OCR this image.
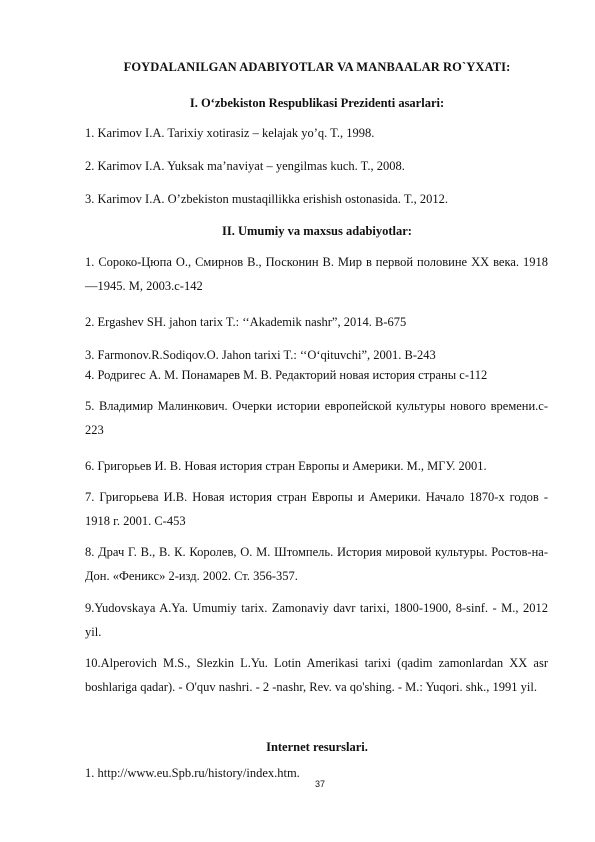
FOYDALANILGAN ADABIYOTLAR VA MANBAALAR RO`YXATI:
I. O‘zbekiston Respublikasi Prezidenti asarlari:
1. Karimov I.A. Tarixiy xotirasiz – kelajak yo’q. T., 1998.
2. Karimov I.A. Yuksak ma’naviyat – yengilmas kuch. T., 2008.
3. Karimov I.A. O’zbekiston mustaqillikka erishish ostonasida. T., 2012.
II. Umumiy va maxsus adabiyotlar:
1. Сороко-Цюпа О., Смирнов В., Посконин В. Мир в первой половине XX века. 1918—1945. М, 2003.c-142
2. Ergashev SH. jahon tarix T.: ‘‘Akademik nashr”, 2014. B-675
3. Farmonov.R.Sodiqov.O. Jahon tarixi T.: ‘‘O‘qituvchi”, 2001. B-243
4. Родригес А. М. Понамарев М. В. Редакторий новая история страны с-112
5. Владимир Малинкович. Очерки истории европейской культуры нового времени.c-223
6. Григорьев И. В. Новая история стран Европы и Америки. М., МГУ. 2001.
7. Григорьева И.В. Новая история стран Европы и Америки. Начало 1870-х годов - 1918 г. 2001. С-453
8. Драч Г. В., В. К. Королев, О. М. Штомпель. История мировой культуры. Ростов-на-Дон. «Феникс» 2-изд. 2002. Ст. 356-357.
9.Yudovskaya A.Ya. Umumiy tarix. Zamonaviy davr tarixi, 1800-1900, 8-sinf. - M., 2012 yil.
10.Alperovich M.S., Slezkin L.Yu. Lotin Amerikasi tarixi (qadim zamonlardan XX asr boshlariga qadar). - O'quv nashri. - 2 -nashr, Rev. va qo'shing. - M.: Yuqori. shk., 1991 yil.
Internet resurslari.
1. http://www.eu.Spb.ru/history/index.htm.
37
